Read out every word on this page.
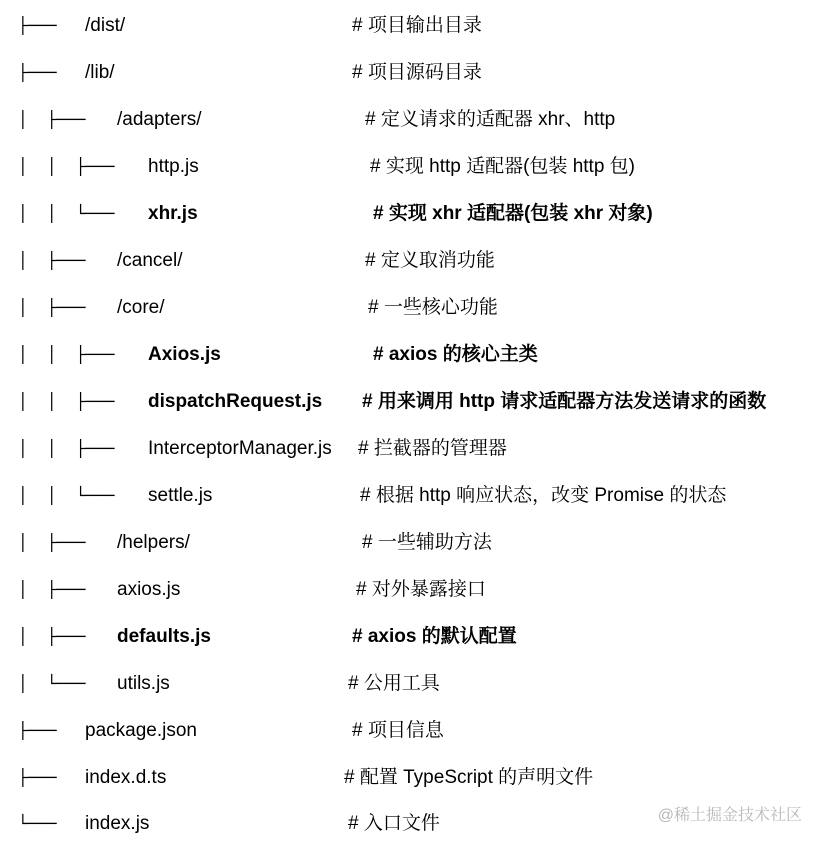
├─── /dist/	# 项目输出目录
├─── /lib/	# 项目源码目录
│  ├─── /adapters/	# 定义请求的适配器 xhr、http
│  │  ├─── http.js	# 实现 http 适配器(包装 http 包)
│  │  └─── xhr.js	# 实现 xhr 适配器(包装 xhr 对象)
│  ├─── /cancel/	# 定义取消功能
│  ├─── /core/	# 一些核心功能
│  │  ├─── Axios.js	# axios 的核心主类
│  │  ├─── dispatchRequest.js # 用来调用 http 请求适配器方法发送请求的函数
│  │  ├─── InterceptorManager.js # 拦截器的管理器
│  │  └─── settle.js	# 根据 http 响应状态，改变 Promise 的状态
│  ├─── /helpers/	# 一些辅助方法
│  ├─── axios.js	# 对外暴露接口
│  ├─── defaults.js	# axios 的默认配置
│  └─── utils.js	# 公用工具
├─── package.json	# 项目信息
├─── index.d.ts	# 配置 TypeScript 的声明文件
└─── index.js	# 入口文件	@稀土掘金技术社区
